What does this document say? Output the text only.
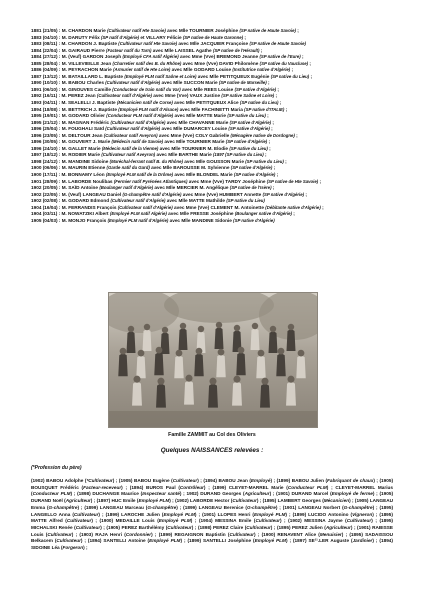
1881 (21/05) : M. CHARDON Marie (Cultivateur natif Hte Savoie) avec Mlle TOURNIER Joséphine (SP native de Haute Savoie) ;
1883 (04/10) : M. DARUTY Félix (SP natif d'Algérie) et VILLARY Félicie (SP native de Haute Garonne) ;
1883 (08/11) : M. CHARDON J. Baptiste (Cultivateur natif Hte Savoie) avec Mlle JACQUIER Françoise (SP native de Haute Savoie)
1884 (22/04) : M. GAIRAUD Pierre (Facteur natif du Tarn) avec Mlle LAISSEL Agathe (SP native de l'Hérault) ;
1884 (27/12) : M. (Veuf) GARDON Joseph (Employé CFA natif Algérie) avec Mme (Vve) BREMOND Jeanne (SP native de l'Eure) ;
1885 (28/04) : M. VILLEVIEILLE Jean (Charretier natif des B. du Rhône) avec Mme (Vve) DAVID Philomène (SP native du Vaucluse) ;
1886 (04/09) : M. PEYRACHON Marie (Armurier natif de Hte Loire) avec Mlle GODARD Louise (Institutrice native d'Algérie) ;
1887 (13/12) : M. BATAILLARD L. Baptiste (Employé PLM natif Saône et Loire) avec Mlle PETITQUEUX Eugénie (SP native du Lieu) ;
1890 (10/10) : M. BABOU Charles (Cultivateur natif d'Algérie) avec Mlle SUCCON Marie (SP native de Marseille) ;
1891 (06/10) : M. GINOUVES Camille (Conducteur de train natif du Var) avec Mlle REES Louise (SP native d'Algérie) ;
1892 (16/11) : M. PEREZ Jean (Cultivateur natif d'Algérie) avec Mme (Vve) VAUX Justine (SP native Saône et Loire) ;
1893 (04/11) : M. SEALELLI J. Baptiste (Mécanicien natif de Corse) avec Mlle PETITQUEUX Alice (SP native du Lieu) ;
1894 (18/08) : M. BETTRICH J. Baptiste (Employé PLM natif d'Alsace) avec Mlle FACHINETTI Maria (SP native d'ITALIE) ;
1895 (19/01) : M. GODARD Olivier (Conducteur PLM natif d'Algérie) avec Mlle MATTE Marie (SP native du Lieu) ;
1895 (21/12) : M. MAGNAN Frédéric (Cultivateur natif d'Algérie) avec Mlle CHAVANNE Marie (SP native d'Algérie) ;
1896 (25/04) : M. FOUGHALI Saïd (Cultivateur natif d'Algérie) avec Mlle DUMARCEY Louise (SP native d'Algérie) ;
1896 (23/05) : M. DELTOUR Jean (Cultivateur natif Aveyron) avec Mme (Vve) COLY Gabrielle (Ménagère native de Dordogne) ;
1896 (30/05) : M. GOUVERT J. Marie (Médecin natif de Savoie) avec Mlle TOURNIER Marie (SP native d'Algérie) ;
1896 (24/10) : M. GALLET Marie (Médecin natif de la Vienne) avec Mlle TOURNIER M. Elodie (SP native du Lieu) ;
1897 (18/12) : M. RODIER Marie (Cultivateur natif Aveyron) avec Mlle BARTHE Marie (1897 (SP native du Lieu) ;
1898 (24/12) : M. MANDINE Sidoine (Maréchal-ferrant natif B. du Rhône) avec Mlle GOUSSON Marie (SP native du Lieu) ;
1900 (06/06) : M. MAURIN Etienne (Garde natif du Gard) avec Mlle BAROUSSE M. Sylvienne (SP native d'Algérie) ;
1900 (17/11) : M. BONNAMY Léon (Employé PLM natif de la Drôme) avec Mlle BLONDEL Marie (SP native d'Algérie) ;
1901 (28/09) : M. LABORDE Noulibas (Fermier natif Pyrénées Atlantiques) avec Mme (Vve) TARDY Joséphine (SP native de Hte Savoie) ;
1902 (20/05) : M. SAÏD Antoine (Boulanger natif d'Algérie) avec Mlle MERCIER M. Angélique (SP native de l'Isère) ;
1902 (22/05) : M. (Veuf) LANGEAU Daniel (G-champêtre natif d'Algérie) avec Mme (Vve) HUMBERT Annette (SP native d'Algérie) ;
1902 (02/08) : M. GODARD Edmond (Cultivateur natif d'Algérie) avec Mlle MATTE Mathilde (SP native du Lieu)
1904 (16/04) : M. FERRANDIS François (Cultivateur natif d'Algérie) avec Mme (Vve) CLEMENT M. Antoinette (Débitante native d'Algérie) ;
1904 (03/11) : M. NOWATZIKI Albert (Employé PLM natif Algérie) avec Mlle FRESSE Joséphine (Boulanger native d'Algérie) ;
1905 (04/03) : M. MONJO François (Employé PLM natif d'Algérie) avec Mlle MANDINE Sidonie (SP native d'Algérie)
Famille ZAMMIT au Col des Oliviers
Quelques NAISSANCES relevées :
(*Profession du père)
(1902) BABOU Adolphe (*Cultivateur) ; (1905) BABOU Eugène (Cultivateur) ; (1894) BABOU Jean (Employé) ; (1899) BABOU Julien (Fabriquant de chaux) ; (1905) BOUSQUET Frédéric (Facteur-receveur) ; (1894) BUROS Paul (Contrôleur) ; (1899) CLEYET-MARREL Marie (Conducteur PLM) ; CLEYET-MARREL Marius (Conducteur PLM) ; (1898) DUCHANGE Maurice (Inspecteur santé) ; 1902) DURAND Georges (Agriculteur) ; (1901) DURAND Marcel (Employé de ferme) ; (1905) DURAND Noël (Agriculteur) ; (1897) HUC Emile (Employé PLM) ; (1902) LABORDE Hector (Cultivateur) ; (1895) LAMBERT Georges (Mécanicien) ; (1905) LANGEAU Emma (G-champêtre) ; (1899) LANGEAU Marceau (G-champêtre) ; (1899) LANGEAU Berenice (G-champêtre) ; (1901) LANGEAU Norbert (G-champêtre) ; (1895) LANGELLO Anna (Cultivateur) ; (1899) LAROCHE Julien (Employé PLM) ; (1901) LLOPES Henri (Employé PLM) ; (1899) LUCIDO Antonino (Vigneron) ; (1895) MATTE Alfred (Cultivateur) ; (1900) MEDAILLE Louis (Employé PLM) ; (1904) MESSINA Emile (Cultivateur) ; (1902) MESSINA Jayme (Cultivateur) ; (1895) MICHALSKI Renée (Cultivateur) ; (1905) PEREZ Barthélémy (Cultivateur) ; (1898) PEREZ Claire (Cultivateur) ; (1895) PEREZ Julien (Agriculteur) ; (1901) RABISSE Louis (Cultivateur) ; (1903) RAJA Henri (Cordonnier) ; (1899) REGAIGNON Baptistin (Cultivateur) ; (1900) RENAVENT Alice (Menuisier) ; (1895) SADAISSOU Belkacem (Cultivateur) ; (1894) SANTELLI Antoine (Employé PLM) ; (1899) SANTELLI Joséphine (Employé PLM) ; (1897) SE¹¹.LER Auguste (Jardinier) ; (1894) SIDOINE Léa (Forgeron) ;
